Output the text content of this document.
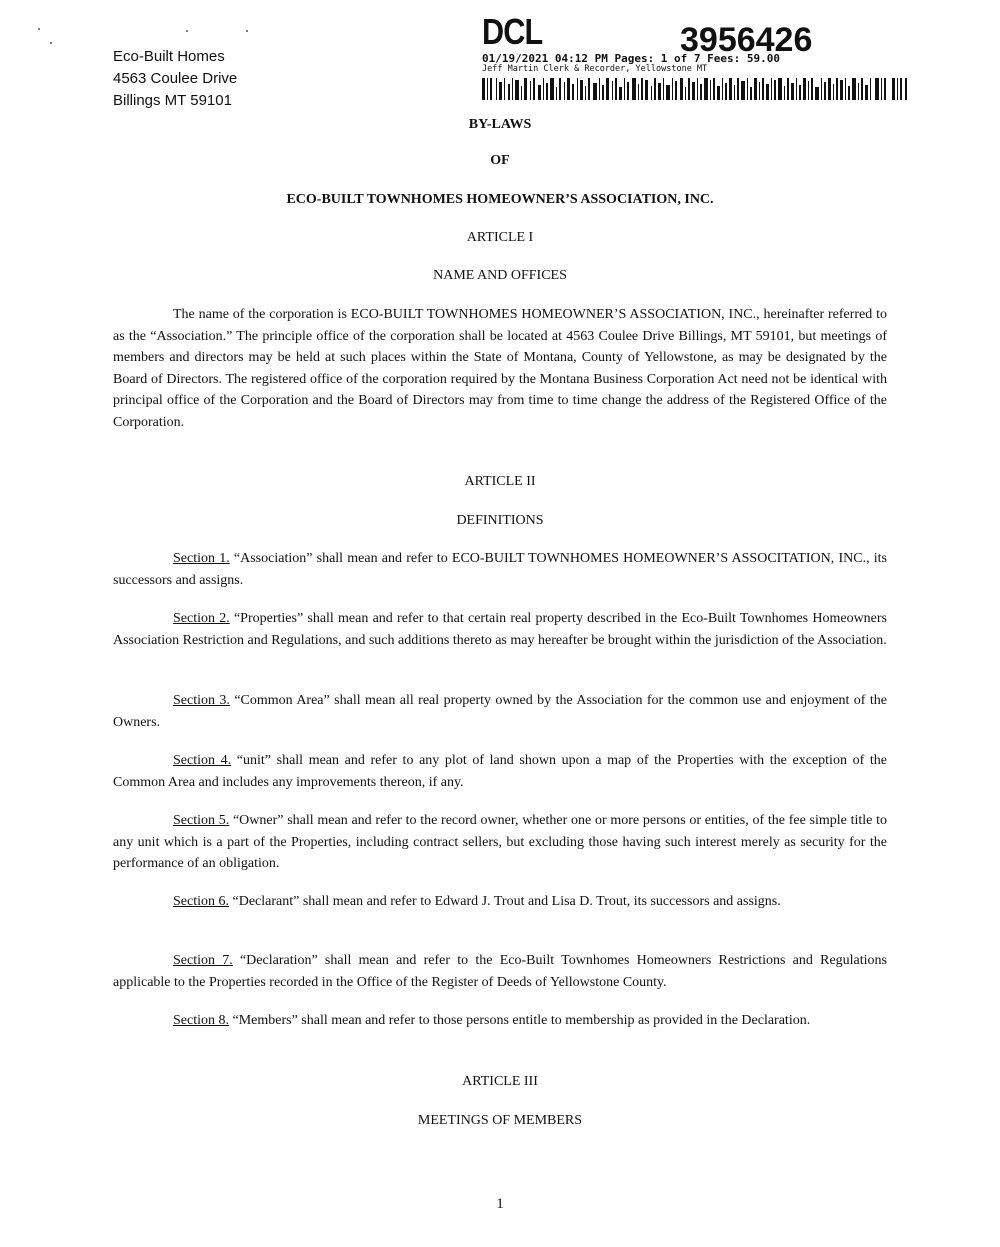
Eco-Built Homes
4563 Coulee Drive
Billings MT 59101
DCL	3956426
01/19/2021 04:12 PM Pages: 1 of 7 Fees: 59.00
Jeff Martin Clerk & Recorder, Yellowstone MT
BY-LAWS
OF
ECO-BUILT TOWNHOMES HOMEOWNER’S ASSOCIATION, INC.
ARTICLE I
NAME AND OFFICES
The name of the corporation is ECO-BUILT TOWNHOMES HOMEOWNER’S ASSOCIATION, INC., hereinafter referred to as the “Association.” The principle office of the corporation shall be located at 4563 Coulee Drive Billings, MT 59101, but meetings of members and directors may be held at such places within the State of Montana, County of Yellowstone, as may be designated by the Board of Directors. The registered office of the corporation required by the Montana Business Corporation Act need not be identical with principal office of the Corporation and the Board of Directors may from time to time change the address of the Registered Office of the Corporation.
ARTICLE II
DEFINITIONS
Section 1. “Association” shall mean and refer to ECO-BUILT TOWNHOMES HOMEOWNER’S ASSOCITATION, INC., its successors and assigns.
Section 2. “Properties” shall mean and refer to that certain real property described in the Eco-Built Townhomes Homeowners Association Restriction and Regulations, and such additions thereto as may hereafter be brought within the jurisdiction of the Association.
Section 3. “Common Area” shall mean all real property owned by the Association for the common use and enjoyment of the Owners.
Section 4. “unit” shall mean and refer to any plot of land shown upon a map of the Properties with the exception of the Common Area and includes any improvements thereon, if any.
Section 5. “Owner” shall mean and refer to the record owner, whether one or more persons or entities, of the fee simple title to any unit which is a part of the Properties, including contract sellers, but excluding those having such interest merely as security for the performance of an obligation.
Section 6. “Declarant” shall mean and refer to Edward J. Trout and Lisa D. Trout, its successors and assigns.
Section 7. “Declaration” shall mean and refer to the Eco-Built Townhomes Homeowners Restrictions and Regulations applicable to the Properties recorded in the Office of the Register of Deeds of Yellowstone County.
Section 8. “Members” shall mean and refer to those persons entitle to membership as provided in the Declaration.
ARTICLE III
MEETINGS OF MEMBERS
1
